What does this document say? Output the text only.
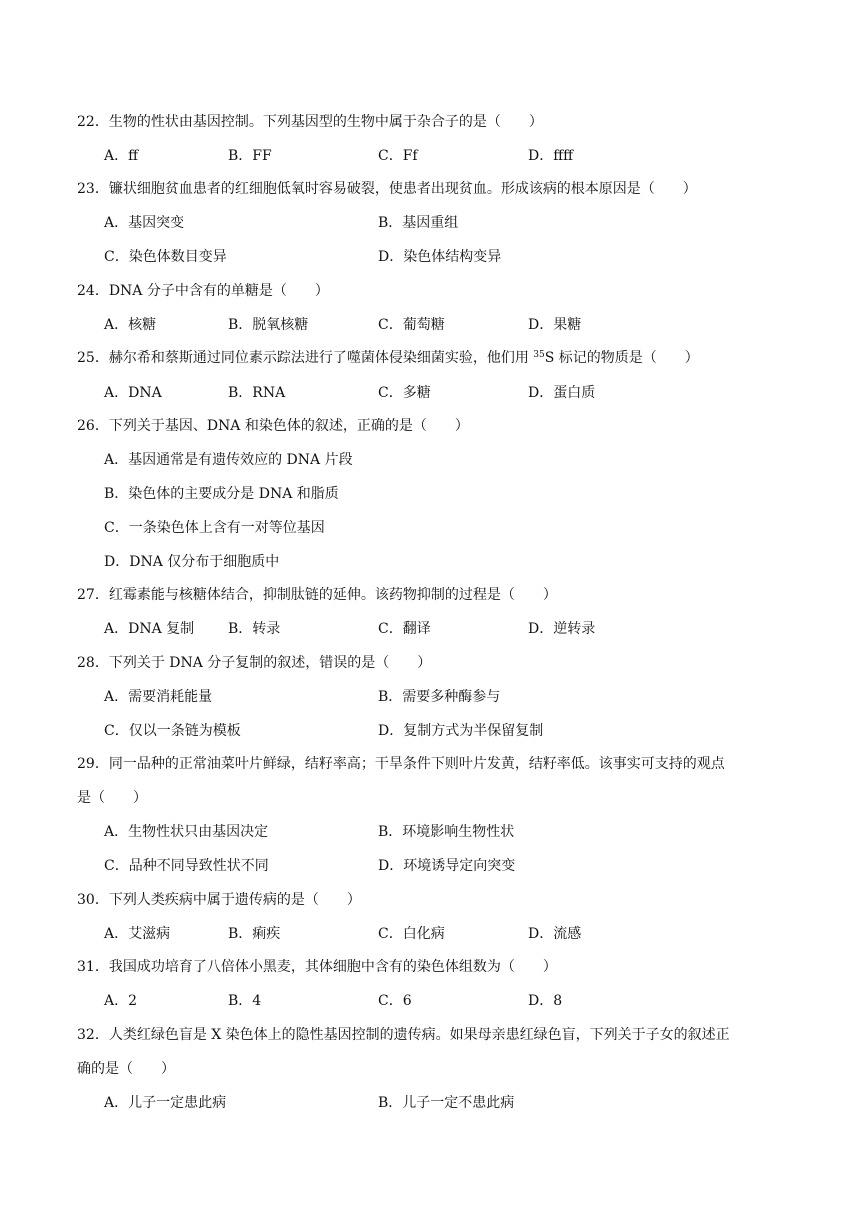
22．生物的性状由基因控制。下列基因型的生物中属于杂合子的是（　　）
A．ff	B．FF	C．Ff	D．ffff
23．镰状细胞贫血患者的红细胞低氧时容易破裂，使患者出现贫血。形成该病的根本原因是（　　）
A．基因突变	B．基因重组
C．染色体数目变异	D．染色体结构变异
24．DNA 分子中含有的单糖是（　　）
A．核糖	B．脱氧核糖	C．葡萄糖	D．果糖
25．赫尔希和蔡斯通过同位素示踪法进行了噬菌体侵染细菌实验，他们用 $^{35}$S 标记的物质是（　　）
A．DNA	B．RNA	C．多糖	D．蛋白质
26．下列关于基因、DNA 和染色体的叙述，正确的是（　　）
A．基因通常是有遗传效应的 DNA 片段
B．染色体的主要成分是 DNA 和脂质
C．一条染色体上含有一对等位基因
D．DNA 仅分布于细胞质中
27．红霉素能与核糖体结合，抑制肽链的延伸。该药物抑制的过程是（　　）
A．DNA 复制 B．转录	C．翻译	D．逆转录
28．下列关于 DNA 分子复制的叙述，错误的是（　　）
A．需要消耗能量	B．需要多种酶参与
C．仅以一条链为模板	D．复制方式为半保留复制
29．同一品种的正常油菜叶片鲜绿，结籽率高；干旱条件下则叶片发黄，结籽率低。该事实可支持的观点
是（　　）
A．生物性状只由基因决定	B．环境影响生物性状
C．品种不同导致性状不同	D．环境诱导定向突变
30．下列人类疾病中属于遗传病的是（　　）
A．艾滋病	B．痢疾	C．白化病	D．流感
31．我国成功培育了八倍体小黑麦，其体细胞中含有的染色体组数为（　　）
A．2	B．4	C．6	D．8
32．人类红绿色盲是 X 染色体上的隐性基因控制的遗传病。如果母亲患红绿色盲，下列关于子女的叙述正
确的是（　　）
A．儿子一定患此病	B．儿子一定不患此病
